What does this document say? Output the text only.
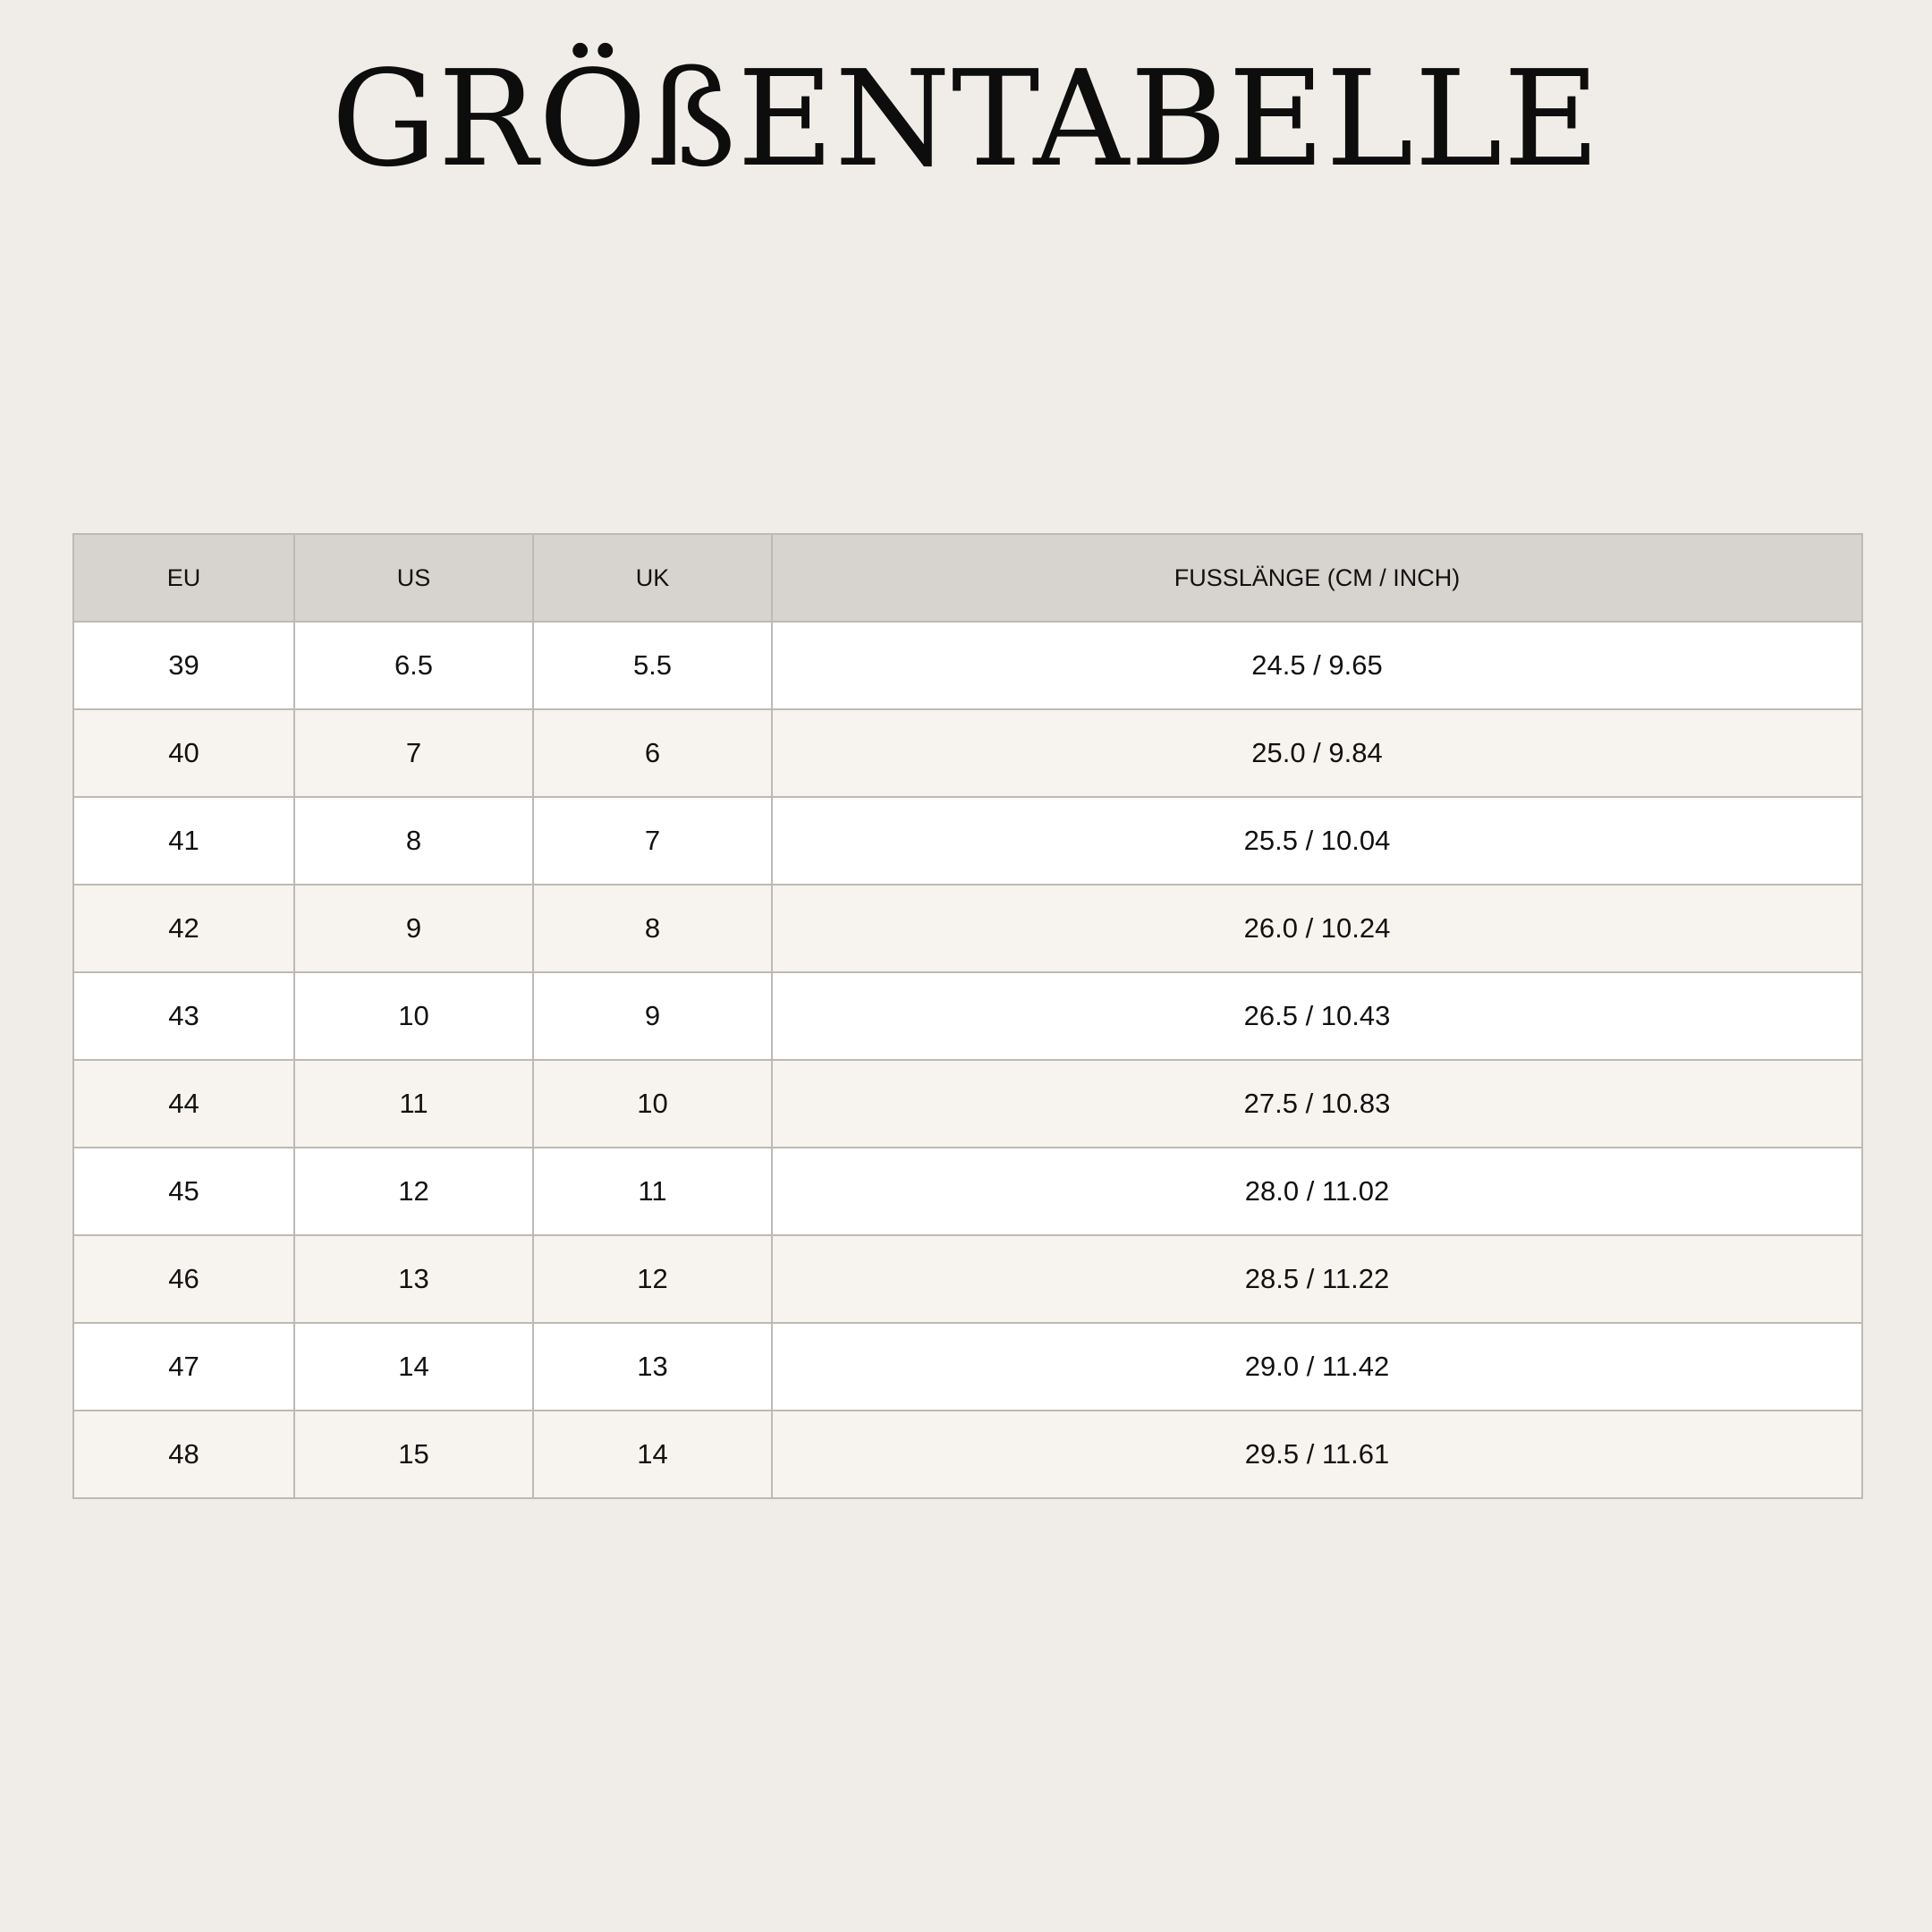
GRÖßENTABELLE
EU	US	UK	FUSSLÄNGE (CM / INCH)
39	6.5	5.5	24.5 / 9.65
40	7	6	25.0 / 9.84
41	8	7	25.5 / 10.04
42	9	8	26.0 / 10.24
43	10	9	26.5 / 10.43
44	11	10	27.5 / 10.83
45	12	11	28.0 / 11.02
46	13	12	28.5 / 11.22
47	14	13	29.0 / 11.42
48	15	14	29.5 / 11.61
